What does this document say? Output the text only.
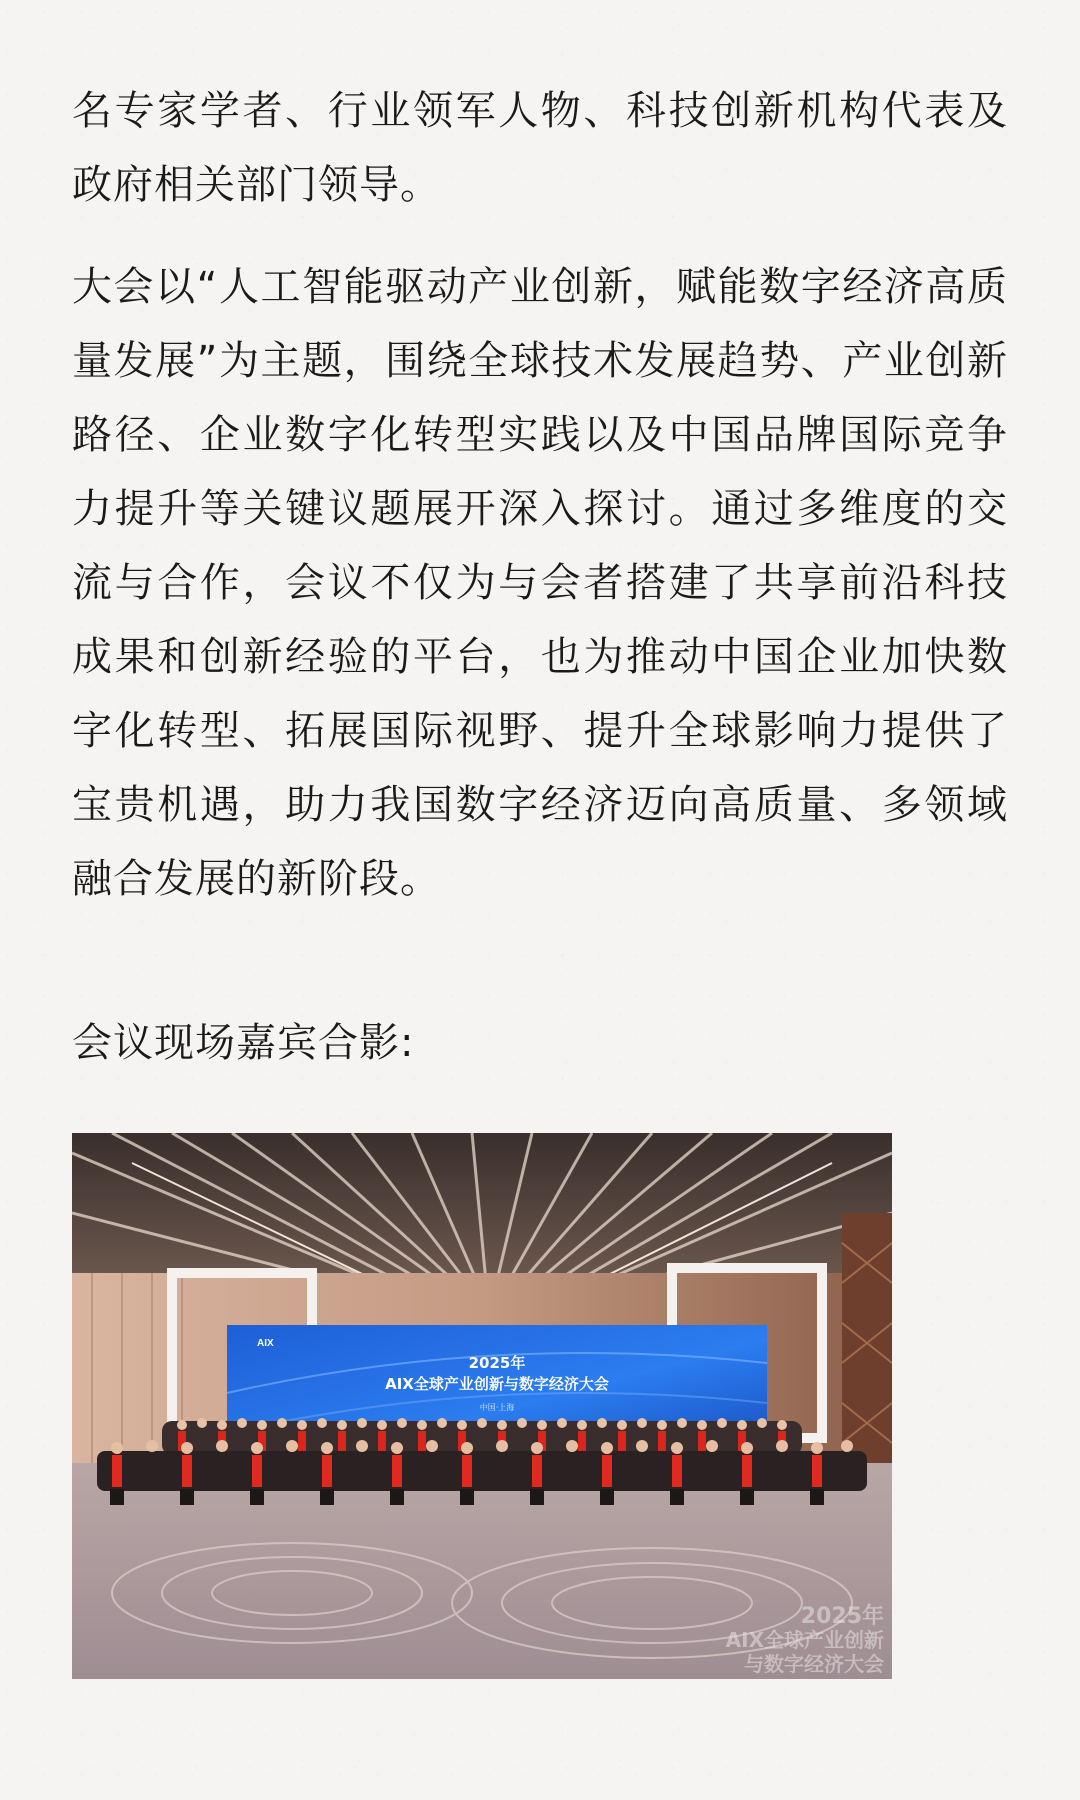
名专家学者、行业领军人物、科技创新机构代表及政府相关部门领导。

大会以“人工智能驱动产业创新，赋能数字经济高质量发展”为主题，围绕全球技术发展趋势、产业创新路径、企业数字化转型实践以及中国品牌国际竞争力提升等关键议题展开深入探讨。通过多维度的交流与合作，会议不仅为与会者搭建了共享前沿科技成果和创新经验的平台，也为推动中国企业加快数字化转型、拓展国际视野、提升全球影响力提供了宝贵机遇，助力我国数字经济迈向高质量、多领域融合发展的新阶段。

会议现场嘉宾合影:

AIX
2025年
AIX全球产业创新与数字经济大会
中国·上海
2025年
AIX全球产业创新
与数字经济大会
